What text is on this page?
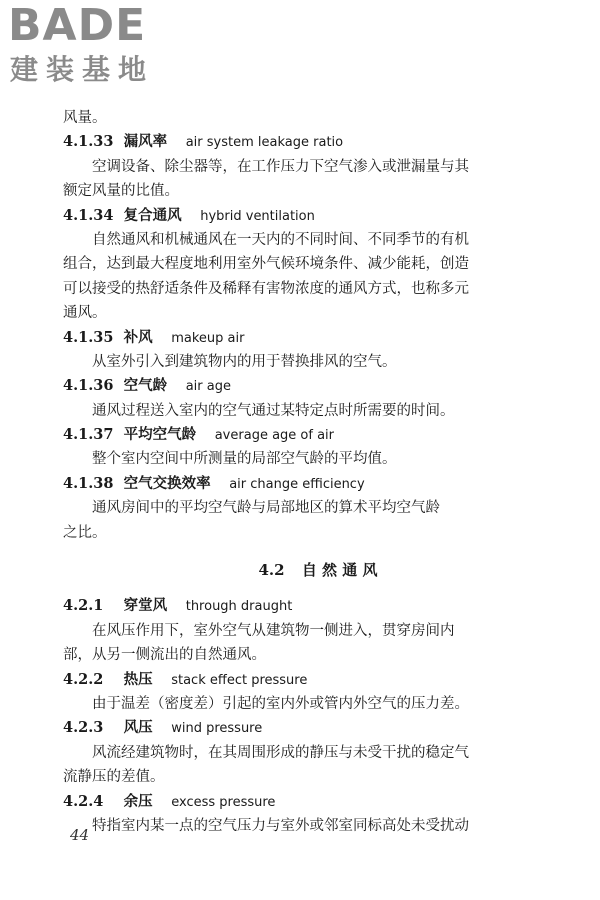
BADE
建装基地
风量。
4.1.33 漏风率 air system leakage ratio
空调设备、除尘器等，在工作压力下空气渗入或泄漏量与其
额定风量的比值。
4.1.34 复合通风 hybrid ventilation
自然通风和机械通风在一天内的不同时间、不同季节的有机
组合，达到最大程度地利用室外气候环境条件、减少能耗，创造
可以接受的热舒适条件及稀释有害物浓度的通风方式，也称多元
通风。
4.1.35 补风 makeup air
从室外引入到建筑物内的用于替换排风的空气。
4.1.36 空气龄 air age
通风过程送入室内的空气通过某特定点时所需要的时间。
4.1.37 平均空气龄 average age of air
整个室内空间中所测量的局部空气龄的平均值。
4.1.38 空气交换效率 air change efficiency
通风房间中的平均空气龄与局部地区的算术平均空气龄
之比。
4.2 自 然 通 风
4.2.1 穿堂风 through draught
在风压作用下，室外空气从建筑物一侧进入，贯穿房间内
部，从另一侧流出的自然通风。
4.2.2 热压 stack effect pressure
由于温差（密度差）引起的室内外或管内外空气的压力差。
4.2.3 风压 wind pressure
风流经建筑物时，在其周围形成的静压与未受干扰的稳定气
流静压的差值。
4.2.4 余压 excess pressure
特指室内某一点的空气压力与室外或邻室同标高处未受扰动
44
